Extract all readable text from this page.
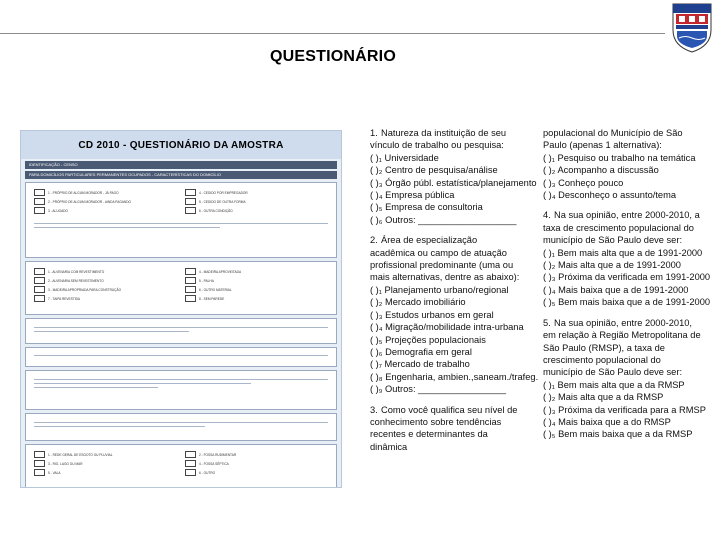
QUESTIONÁRIO
CD 2010 - QUESTIONÁRIO DA AMOSTRA
IDENTIFICAÇÃO - CENSO
PARA DOMICÍLIOS PARTICULARES PERMANENTES OCUPADOS - CARACTERÍSTICAS DO DOMICÍLIO
1 - PRÓPRIO DE ALGUM MORADOR - JÁ PAGO	4 - CEDIDO POR EMPREGADOR
2 - PRÓPRIO DE ALGUM MORADOR - AINDA PAGANDO	5 - CEDIDO DE OUTRA FORMA
3 - ALUGADO	6 - OUTRA CONDIÇÃO
1 - ALVENARIA COM REVESTIMENTO	4 - MADEIRA APROVEITADA
2 - ALVENARIA SEM REVESTIMENTO	5 - PALHA
3 - MADEIRA APROPRIADA PARA CONSTRUÇÃO	6 - OUTRO MATERIAL
7 - TAIPA REVESTIDA	8 - SEM PAREDE
1 - REDE GERAL DE ESGOTO OU PLUVIAL	2 - FOSSA RUDIMENTAR
3 - RIO, LAGO OU MAR	4 - FOSSA SÉPTICA
5 - VALA	6 - OUTRO

1. Natureza da instituição de seu vínculo de trabalho ou pesquisa:

( )₁ Universidade
( )₂ Centro de pesquisa/análise
( )₃ Órgão públ. estatística/planejamento
( )₄ Empresa pública
( )₅ Empresa de consultoria
( )₆ Outros: ___________________

2. Área de especialização acadêmica ou campo de atuação profissional predominante (uma ou mais alternativas, dentre as abaixo):

( )₁ Planejamento urbano/regional
( )₂ Mercado imobiliário
( )₃ Estudos urbanos em geral
( )₄ Migração/mobilidade intra-urbana
( )₅ Projeções populacionais
( )₆ Demografia em geral
( )₇ Mercado de trabalho
( )₈ Engenharia, ambien.,saneam./trafeg.
( )₉ Outros: _________________

3. Como você qualifica seu nível de conhecimento sobre tendências recentes e determinantes da dinâmica

populacional do Município de São Paulo (apenas 1 alternativa):

( )₁ Pesquiso ou trabalho na temática
( )₂ Acompanho a discussão
( )₃ Conheço pouco
( )₄ Desconheço o assunto/tema

4. Na sua opinião, entre 2000-2010, a taxa de crescimento populacional do município de São Paulo deve ser:

( )₁ Bem mais alta que a de 1991-2000
( )₂ Mais alta que a de 1991-2000
( )₃ Próxima da verificada em 1991-2000
( )₄ Mais baixa que a de 1991-2000
( )₅ Bem mais baixa que a de 1991-2000

5. Na sua opinião, entre 2000-2010, em relação à Região Metropolitana de São Paulo (RMSP), a taxa de crescimento populacional do município de São Paulo deve ser:

( )₁ Bem mais alta que a da RMSP
( )₂ Mais alta que a da RMSP
( )₃ Próxima da verificada para a RMSP
( )₄ Mais baixa que a do RMSP
( )₅ Bem mais baixa que a da RMSP
